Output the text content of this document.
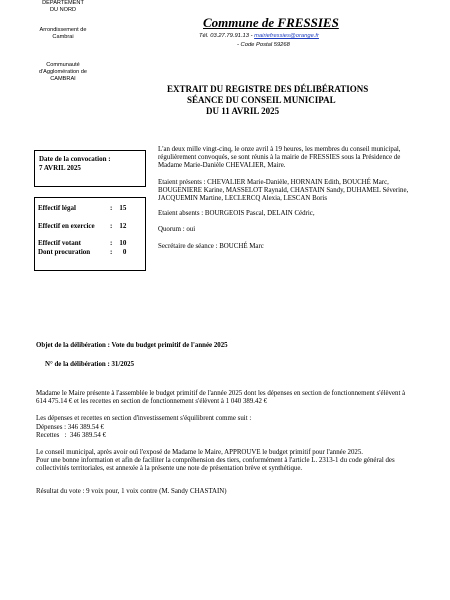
DEPARTEMENT
DU NORD
Arrondissement de
Cambrai
Communauté
d'Agglomération de
CAMBRAI
Commune de FRESSIES
Tél. 03.27.79.91.13 - mairiefressies@orange.fr
- Code Postal 59268
EXTRAIT DU REGISTRE DES DÉLIBÉRATIONS
SÉANCE DU CONSEIL MUNICIPAL
DU 11 AVRIL 2025
Date de la convocation :
7 AVRIL 2025
Effectif légal	:	15
Effectif en exercice	:	12
Effectif votant	:	10
Dont procuration	:	0

L'an deux mille vingt-cinq, le onze avril à 19 heures, les membres du conseil municipal, régulièrement convoqués, se sont réunis à la mairie de FRESSIES sous la Présidence de Madame Marie-Danièle CHEVALIER, Maire.

Etaient présents : CHEVALIER Marie-Danièle, HORNAIN Edith, BOUCHÉ Marc, BOUGENIERE Karine, MASSELOT Raynald, CHASTAIN Sandy, DUHAMEL Séverine, JACQUEMIN Martine, LECLERCQ Alexia, LESCAN Boris

Etaient absents : BOURGEOIS Pascal, DELAIN Cédric,

Quorum : oui

Secrétaire de séance : BOUCHÉ Marc

Objet de la délibération : Vote du budget primitif de l'année 2025
N° de la délibération : 31/2025

Madame le Maire présente à l'assemblée le budget primitif de l'année 2025 dont les dépenses en section de fonctionnement s'élèvent à 614 475.14 € et les recettes en section de fonctionnement s'élèvent à 1 040 389.42 €

Les dépenses et recettes en section d'investissement s'équilibrent comme suit :

Dépenses : 346 389.54 €

Recettes   :  346 389.54 €

Le conseil municipal, après avoir ouï l'exposé de Madame le Maire, APPROUVE le budget primitif pour l'année 2025.

Pour une bonne information et afin de faciliter la compréhension des tiers, conformément à l'article L. 2313-1 du code général des collectivités territoriales, est annexée à la présente une note de présentation brève et synthétique.

Résultat du vote : 9 voix pour, 1 voix contre (M. Sandy CHASTAIN)
